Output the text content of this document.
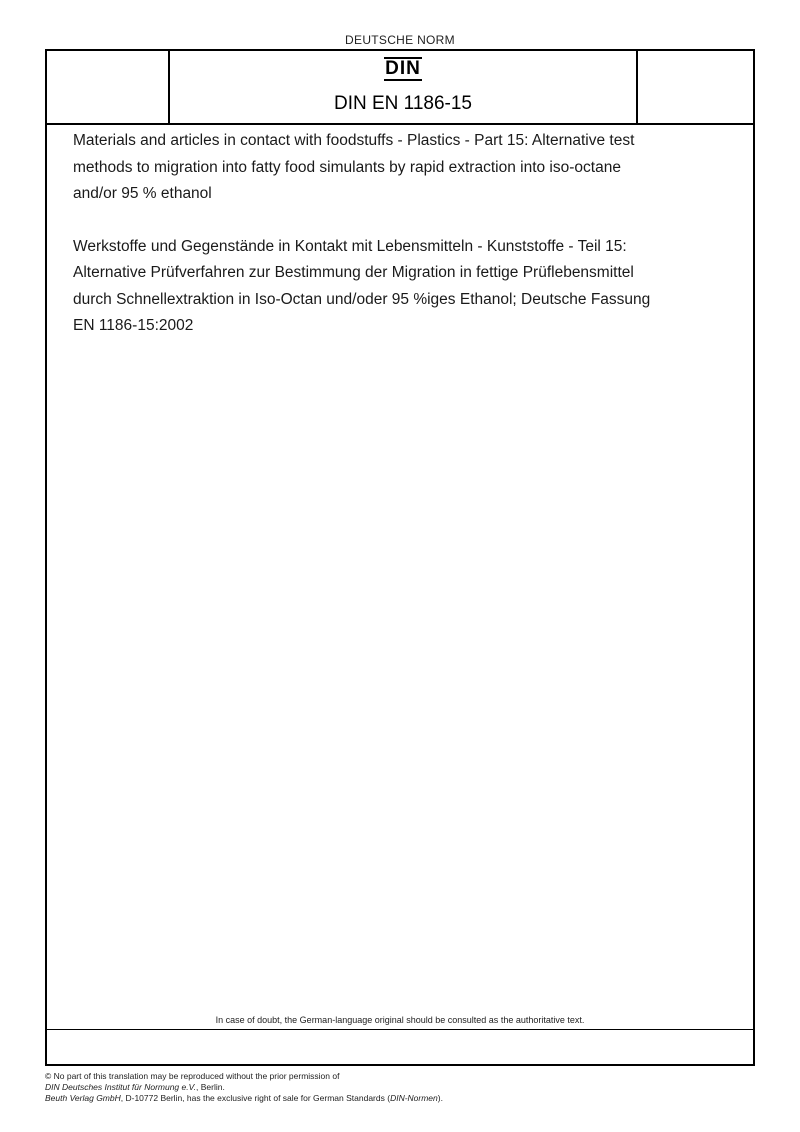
DEUTSCHE NORM
DIN
DIN EN 1186-15
In case of doubt, the German-language original should be consulted as the authoritative text.

Materials and articles in contact with foodstuffs - Plastics - Part 15: Alternative test methods to migration into fatty food simulants by rapid extraction into iso-octane and/or 95 % ethanol

Werkstoffe und Gegenstände in Kontakt mit Lebensmitteln - Kunststoffe - Teil 15: Alternative Prüfverfahren zur Bestimmung der Migration in fettige Prüflebensmittel durch Schnellextraktion in Iso-Octan und/oder 95 %iges Ethanol; Deutsche Fassung EN 1186-15:2002

© No part of this translation may be reproduced without the prior permission of
DIN Deutsches Institut für Normung e.V., Berlin.
Beuth Verlag GmbH, D-10772 Berlin, has the exclusive right of sale for German Standards (DIN-Normen).
